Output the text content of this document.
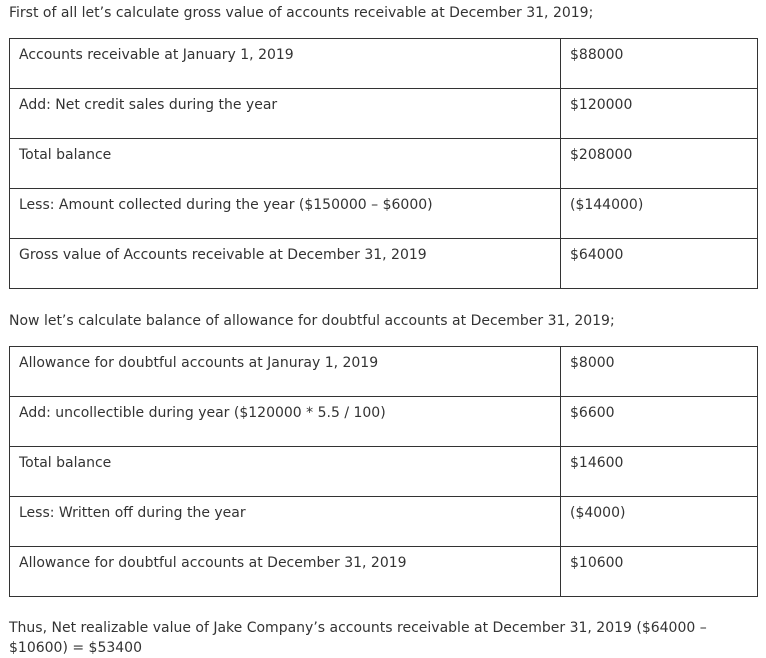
First of all let’s calculate gross value of accounts receivable at December 31, 2019;

Accounts receivable at January 1, 2019	$88000
Add: Net credit sales during the year	$120000
Total balance	$208000
Less: Amount collected during the year ($150000 – $6000)	($144000)
Gross value of Accounts receivable at December 31, 2019	$64000

Now let’s calculate balance of allowance for doubtful accounts at December 31, 2019;

Allowance for doubtful accounts at Januray 1, 2019	$8000
Add: uncollectible during year ($120000 * 5.5 / 100)	$6600
Total balance	$14600
Less: Written off during the year	($4000)
Allowance for doubtful accounts at December 31, 2019	$10600

Thus, Net realizable value of Jake Company’s accounts receivable at December 31, 2019 ($64000 – $10600) = $53400
